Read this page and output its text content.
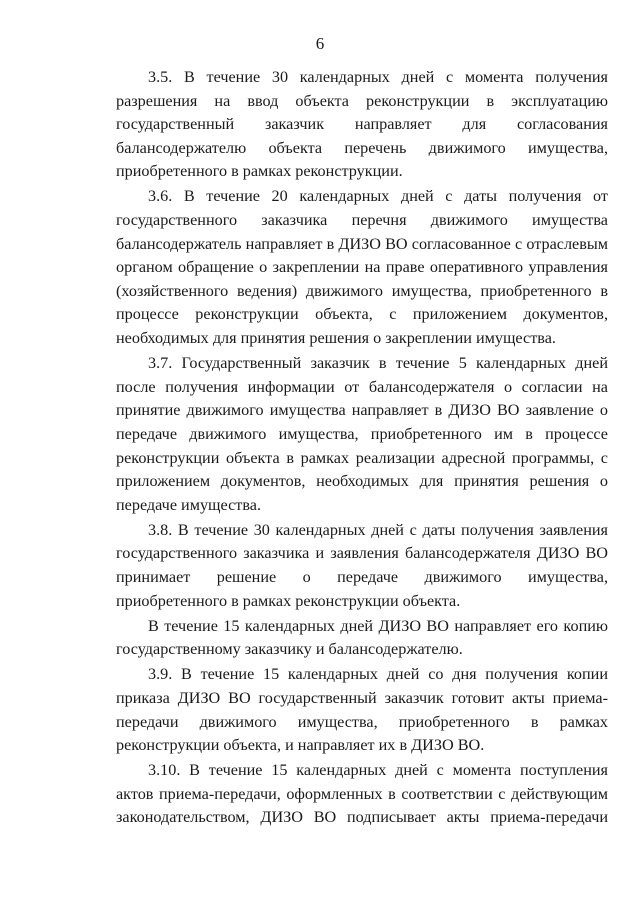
6

3.5. В течение 30 календарных дней с момента получения разрешения на ввод объекта реконструкции в эксплуатацию государственный заказчик направляет для согласования балансодержателю объекта перечень движимого имущества, приобретенного в рамках реконструкции.

3.6. В течение 20 календарных дней с даты получения от государственного заказчика перечня движимого имущества балансодержатель направляет в ДИЗО ВО согласованное с отраслевым органом обращение о закреплении на праве оперативного управления (хозяйственного ведения) движимого имущества, приобретенного в процессе реконструкции объекта, с приложением документов, необходимых для принятия решения о закреплении имущества.

3.7. Государственный заказчик в течение 5 календарных дней после получения информации от балансодержателя о согласии на принятие движимого имущества направляет в ДИЗО ВО заявление о передаче движимого имущества, приобретенного им в процессе реконструкции объекта в рамках реализации адресной программы, с приложением документов, необходимых для принятия решения о передаче имущества.

3.8. В течение 30 календарных дней с даты получения заявления государственного заказчика и заявления балансодержателя ДИЗО ВО принимает решение о передаче движимого имущества, приобретенного в рамках реконструкции объекта.

В течение 15 календарных дней ДИЗО ВО направляет его копию государственному заказчику и балансодержателю.

3.9. В течение 15 календарных дней со дня получения копии приказа ДИЗО ВО государственный заказчик готовит акты приема-передачи движимого имущества, приобретенного в рамках реконструкции объекта, и направляет их в ДИЗО ВО.

3.10. В течение 15 календарных дней с момента поступления актов приема-передачи, оформленных в соответствии с действующим законодательством, ДИЗО ВО подписывает акты приема-передачи
